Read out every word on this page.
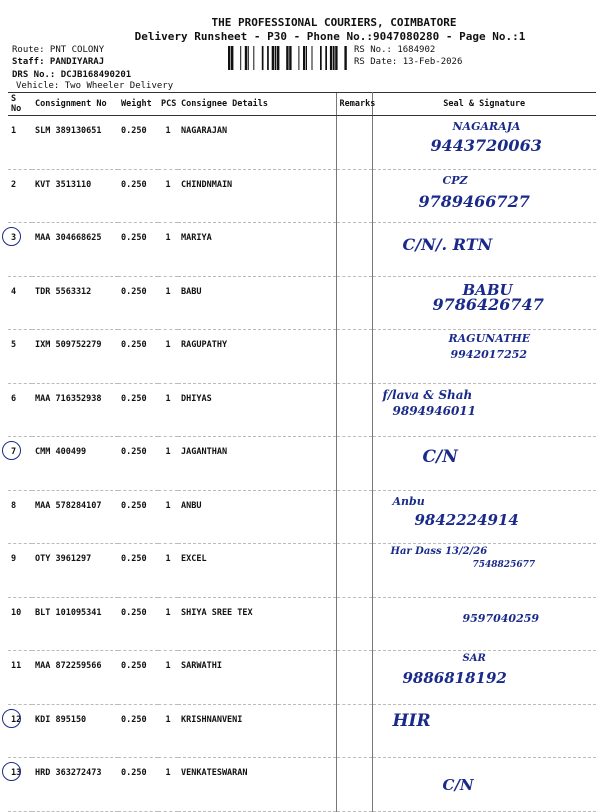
THE PROFESSIONAL COURIERS, COIMBATORE
Delivery Runsheet - P30 - Phone No.:9047080280 - Page No.:1
Route: PNT COLONY
Staff: PANDIYARAJ
DRS No.: DCJB168490201
Vehicle: Two Wheeler Delivery
RS No.: 1684902
RS Date: 13-Feb-2026
S No	Consignment No	Weight	PCS	Consignee Details	Remarks	Seal & Signature
1	SLM 389130651	0.250	1	NAGARAJAN		NAGARAJA
9443720063

2	KVT 3513110	0.250	1	CHINDNMAIN		CPZ
9789466727

3	MAA 304668625	0.250	1	MARIYA		C/N/. RTN

4	TDR 5563312	0.250	1	BABU		BABU
9786426747

5	IXM 509752279	0.250	1	RAGUPATHY		RAGUNATHE
9942017252

6	MAA 716352938	0.250	1	DHIYAS		f/lava & Shah
9894946011

7	CMM 400499	0.250	1	JAGANTHAN		C/N

8	MAA 578284107	0.250	1	ANBU		Anbu
9842224914

9	OTY 3961297	0.250	1	EXCEL		Har Dass 13/2/26
7548825677

10	BLT 101095341	0.250	1	SHIYA SREE TEX		9597040259

11	MAA 872259566	0.250	1	SARWATHI		SAR
9886818192

12	KDI 895150	0.250	1	KRISHNANVENI		HIR

13	HRD 363272473	0.250	1	VENKATESWARAN		C/N
